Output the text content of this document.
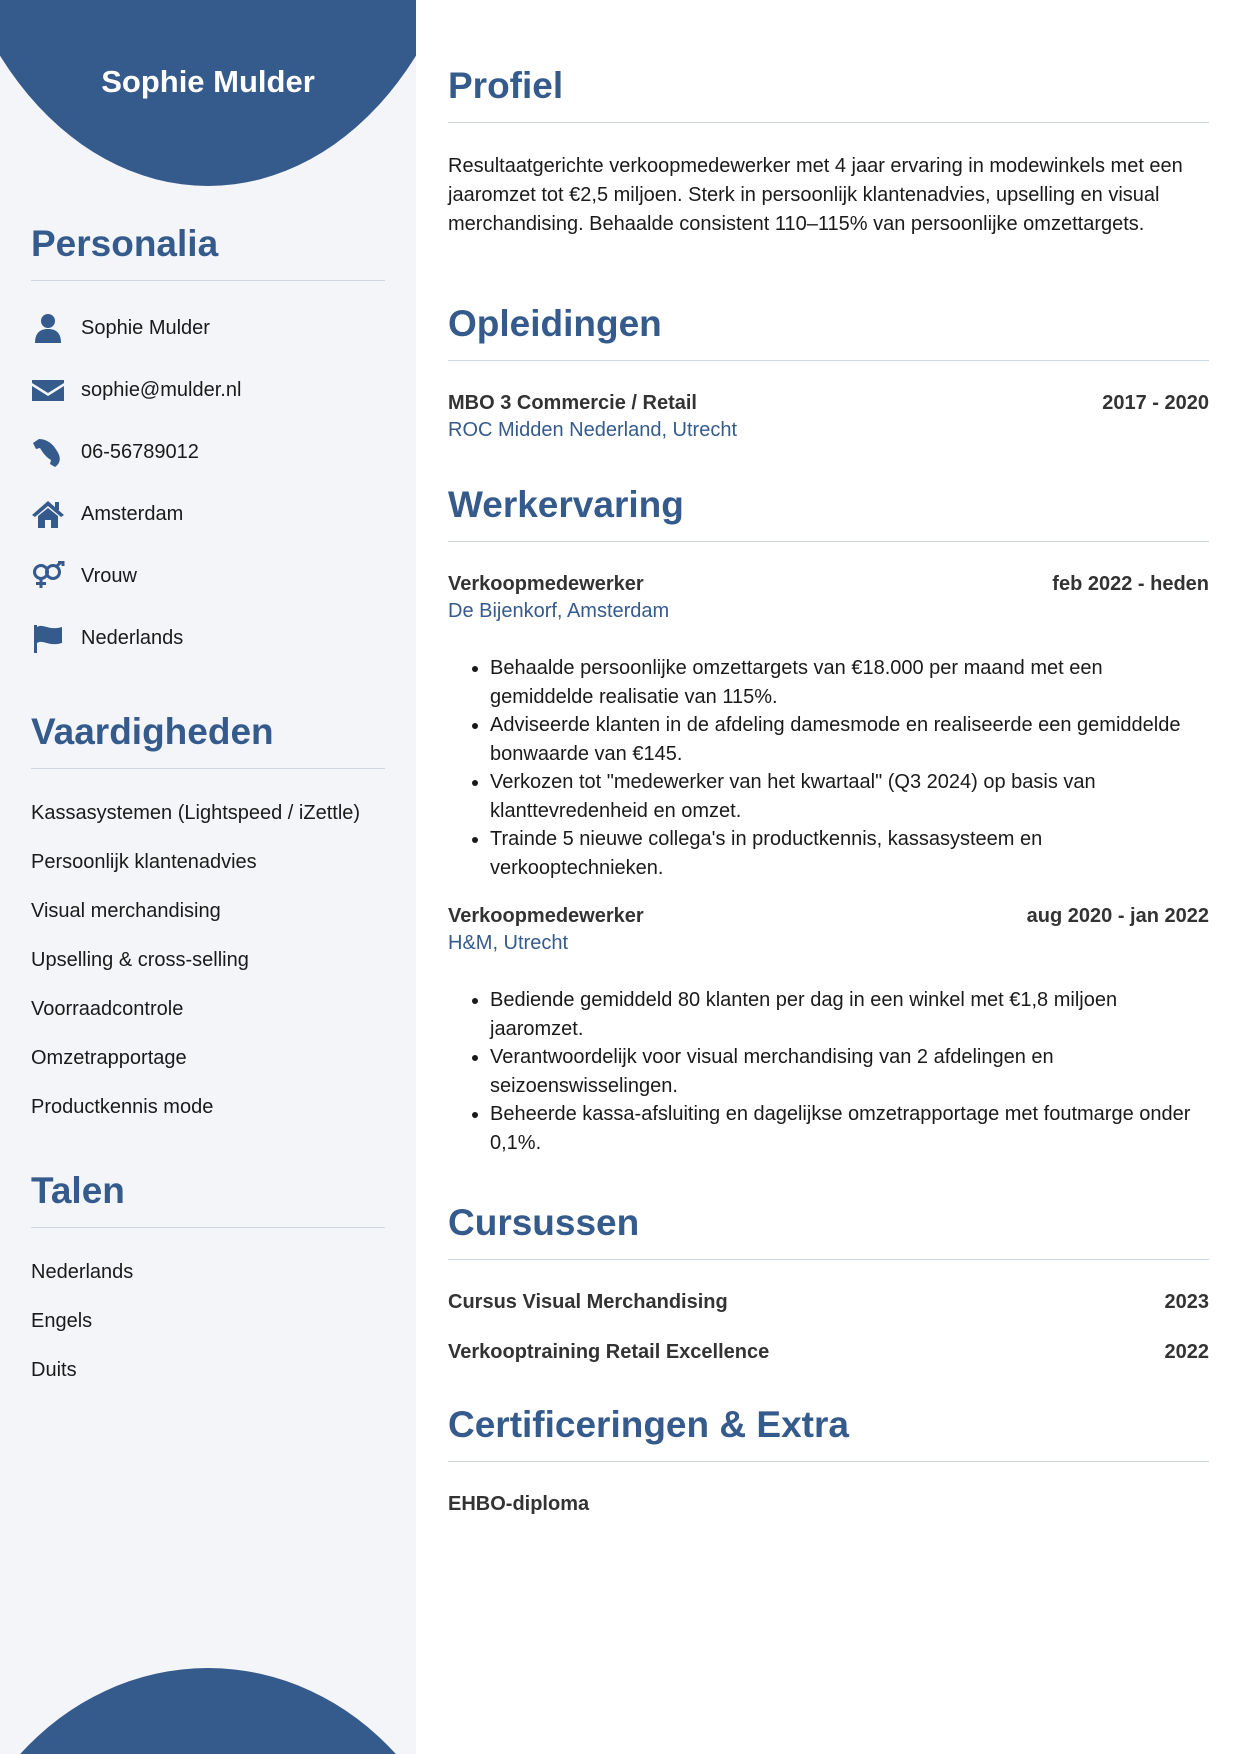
Sophie Mulder
Personalia
Sophie Mulder
sophie@mulder.nl
06-56789012
Amsterdam
Vrouw
Nederlands
Vaardigheden
Kassasystemen (Lightspeed / iZettle)
Persoonlijk klantenadvies
Visual merchandising
Upselling & cross-selling
Voorraadcontrole
Omzetrapportage
Productkennis mode
Talen
Nederlands
Engels
Duits
Profiel

Resultaatgerichte verkoopmedewerker met 4 jaar ervaring in modewinkels met een jaaromzet tot €2,5 miljoen. Sterk in persoonlijk klantenadvies, upselling en visual merchandising. Behaalde consistent 110–115% van persoonlijke omzettargets.

Opleidingen
MBO 3 Commercie / Retail	2017 - 2020
ROC Midden Nederland, Utrecht
Werkervaring
Verkoopmedewerker	feb 2022 - heden
De Bijenkorf, Amsterdam
• Behaalde persoonlijke omzettargets van €18.000 per maand met een gemiddelde realisatie van 115%.
• Adviseerde klanten in de afdeling damesmode en realiseerde een gemiddelde bonwaarde van €145.
• Verkozen tot "medewerker van het kwartaal" (Q3 2024) op basis van klanttevredenheid en omzet.
• Trainde 5 nieuwe collega's in productkennis, kassasysteem en verkooptechnieken.
Verkoopmedewerker	aug 2020 - jan 2022
H&M, Utrecht
• Bediende gemiddeld 80 klanten per dag in een winkel met €1,8 miljoen jaaromzet.
• Verantwoordelijk voor visual merchandising van 2 afdelingen en seizoenswisselingen.
• Beheerde kassa-afsluiting en dagelijkse omzetrapportage met foutmarge onder 0,1%.
Cursussen
Cursus Visual Merchandising	2023
Verkooptraining Retail Excellence	2022
Certificeringen & Extra
EHBO-diploma
